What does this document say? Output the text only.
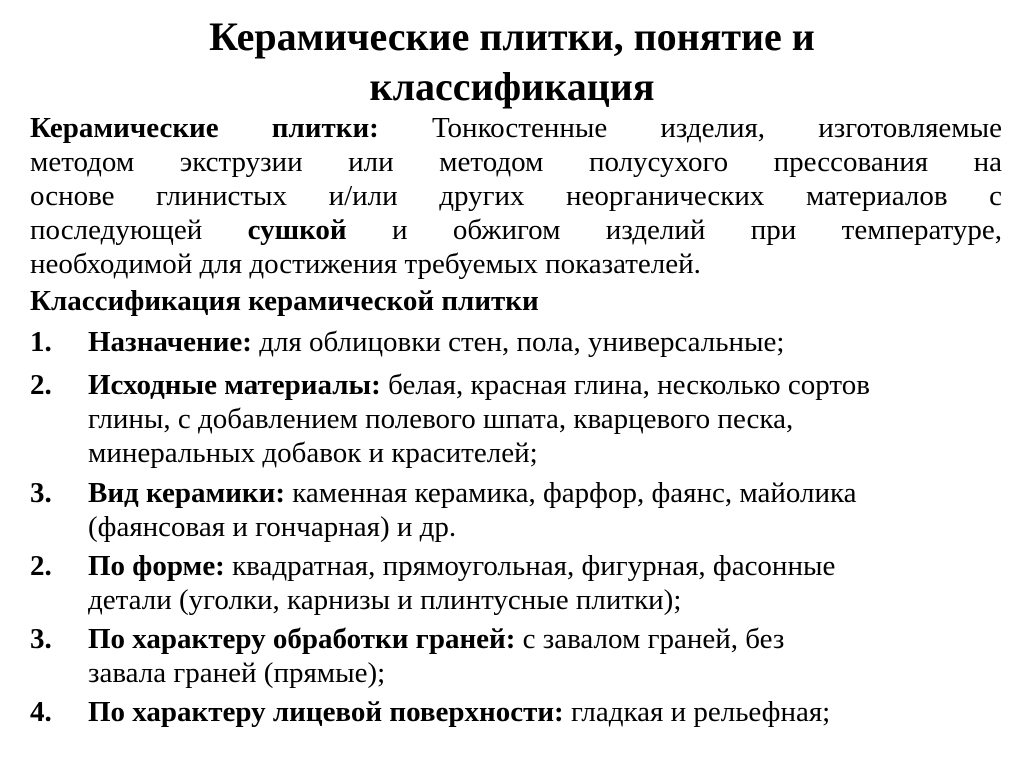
Керамические плитки, понятие и
классификация
Керамические плитки: Тонкостенные изделия, изготовляемые
методом экструзии или методом полусухого прессования на
основе глинистых и/или других неорганических материалов с
последующей сушкой и обжигом изделий при температуре,
необходимой для достижения требуемых показателей.
Классификация керамической плитки
1. Назначение: для облицовки стен, пола, универсальные;
2. Исходные материалы: белая, красная глина, несколько сортов
глины, с добавлением полевого шпата, кварцевого песка,
минеральных добавок и красителей;
3. Вид керамики: каменная керамика, фарфор, фаянс, майолика
(фаянсовая и гончарная) и др.
2. По форме: квадратная, прямоугольная, фигурная, фасонные
детали (уголки, карнизы и плинтусные плитки);
3. По характеру обработки граней: с завалом граней, без
завала граней (прямые);
4. По характеру лицевой поверхности: гладкая и рельефная;
